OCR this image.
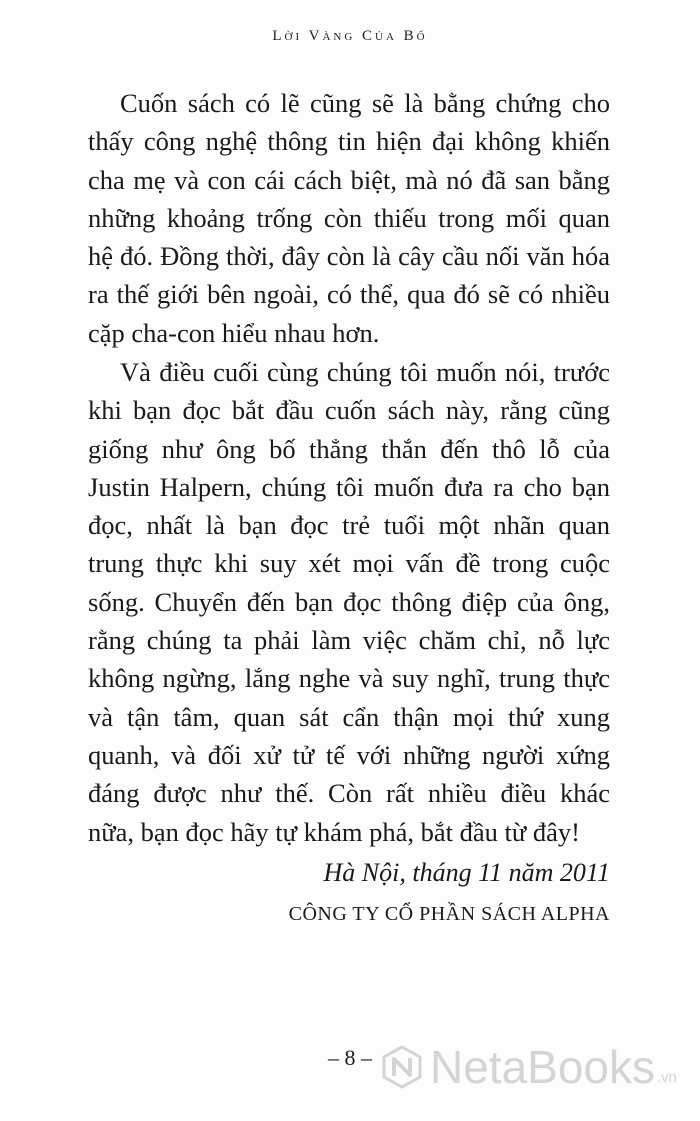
Lời Vàng Của Bố
Cuốn sách có lẽ cũng sẽ là bằng chứng cho
thấy công nghệ thông tin hiện đại không khiến
cha mẹ và con cái cách biệt, mà nó đã san bằng
những khoảng trống còn thiếu trong mối quan
hệ đó. Đồng thời, đây còn là cây cầu nối văn hóa
ra thế giới bên ngoài, có thể, qua đó sẽ có nhiều
cặp cha-con hiểu nhau hơn.
Và điều cuối cùng chúng tôi muốn nói, trước
khi bạn đọc bắt đầu cuốn sách này, rằng cũng
giống như ông bố thẳng thắn đến thô lỗ của
Justin Halpern, chúng tôi muốn đưa ra cho bạn
đọc, nhất là bạn đọc trẻ tuổi một nhãn quan
trung thực khi suy xét mọi vấn đề trong cuộc
sống. Chuyển đến bạn đọc thông điệp của ông,
rằng chúng ta phải làm việc chăm chỉ, nỗ lực
không ngừng, lắng nghe và suy nghĩ, trung thực
và tận tâm, quan sát cẩn thận mọi thứ xung
quanh, và đối xử tử tế với những người xứng
đáng được như thế. Còn rất nhiều điều khác
nữa, bạn đọc hãy tự khám phá, bắt đầu từ đây!
Hà Nội, tháng 11 năm 2011
CÔNG TY CỔ PHẦN SÁCH ALPHA
– 8 –	NetaBooks .vn
